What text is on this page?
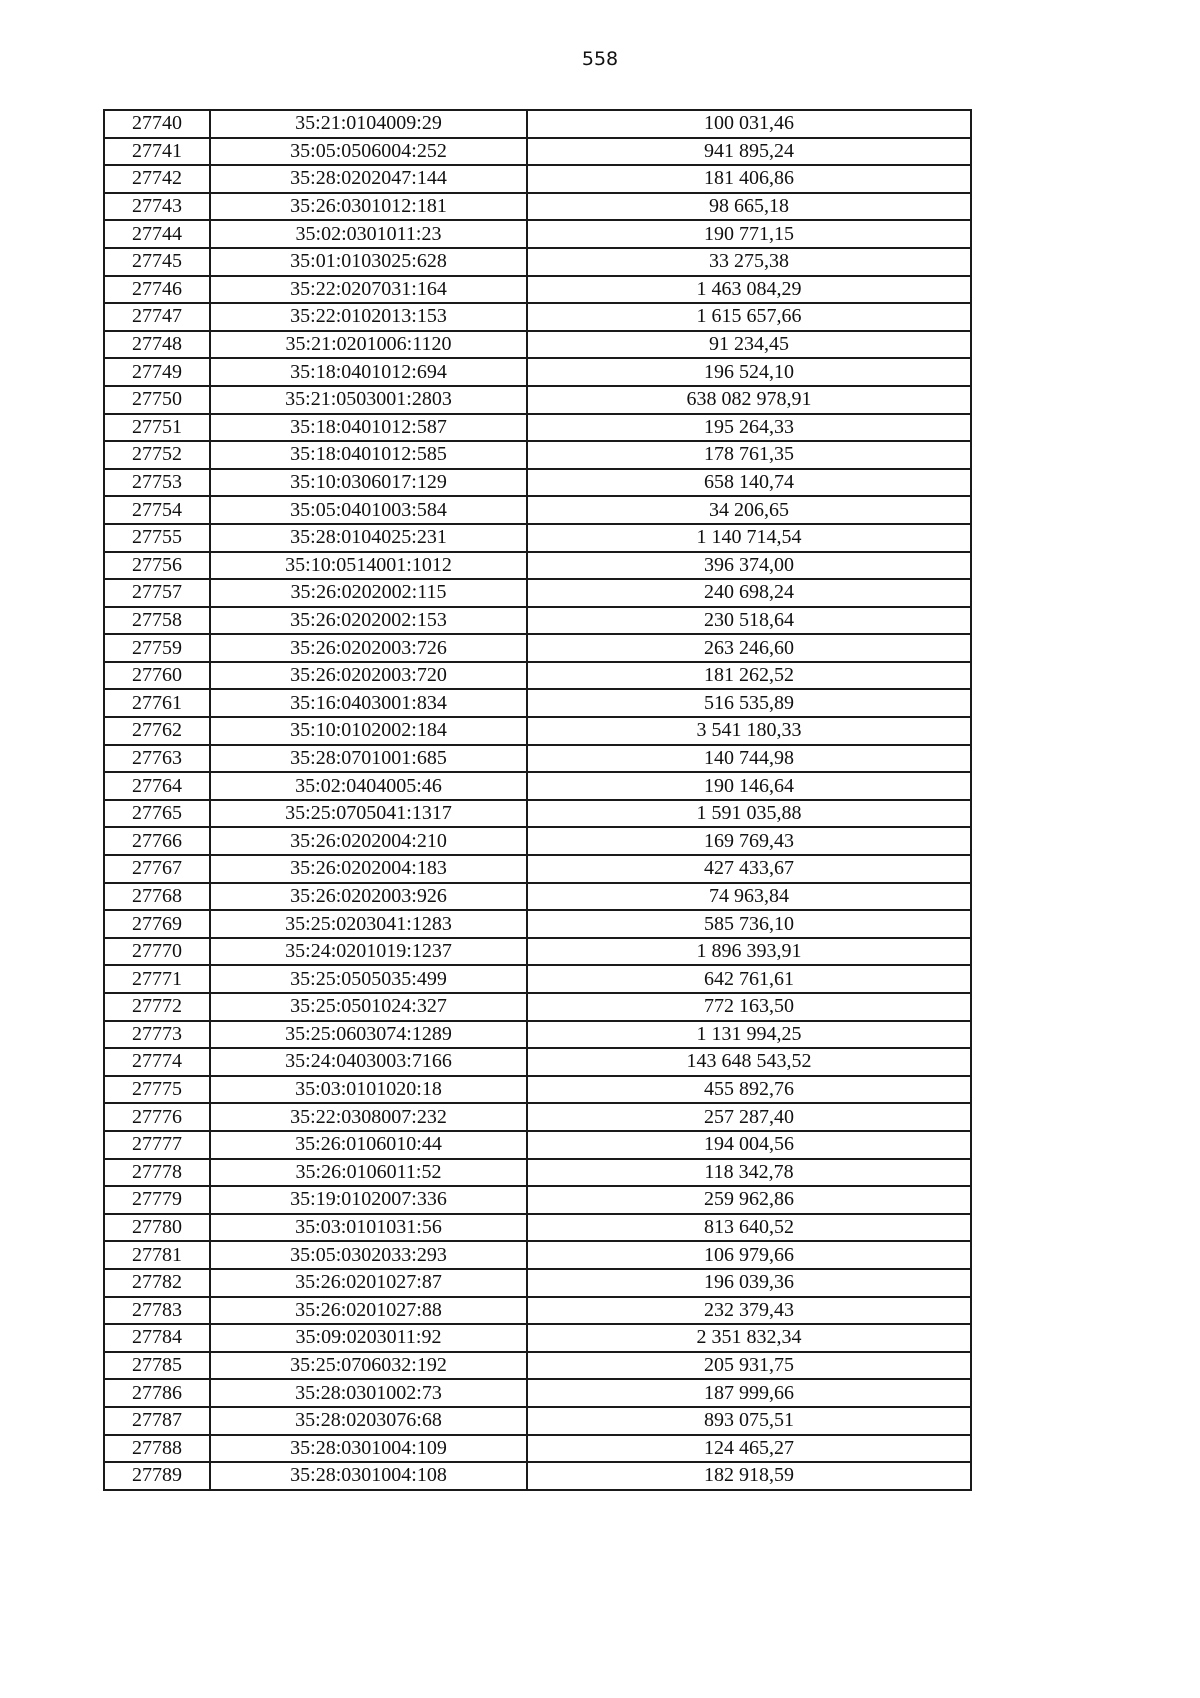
558
27740	35:21:0104009:29	100 031,46
27741	35:05:0506004:252	941 895,24
27742	35:28:0202047:144	181 406,86
27743	35:26:0301012:181	98 665,18
27744	35:02:0301011:23	190 771,15
27745	35:01:0103025:628	33 275,38
27746	35:22:0207031:164	1 463 084,29
27747	35:22:0102013:153	1 615 657,66
27748	35:21:0201006:1120	91 234,45
27749	35:18:0401012:694	196 524,10
27750	35:21:0503001:2803	638 082 978,91
27751	35:18:0401012:587	195 264,33
27752	35:18:0401012:585	178 761,35
27753	35:10:0306017:129	658 140,74
27754	35:05:0401003:584	34 206,65
27755	35:28:0104025:231	1 140 714,54
27756	35:10:0514001:1012	396 374,00
27757	35:26:0202002:115	240 698,24
27758	35:26:0202002:153	230 518,64
27759	35:26:0202003:726	263 246,60
27760	35:26:0202003:720	181 262,52
27761	35:16:0403001:834	516 535,89
27762	35:10:0102002:184	3 541 180,33
27763	35:28:0701001:685	140 744,98
27764	35:02:0404005:46	190 146,64
27765	35:25:0705041:1317	1 591 035,88
27766	35:26:0202004:210	169 769,43
27767	35:26:0202004:183	427 433,67
27768	35:26:0202003:926	74 963,84
27769	35:25:0203041:1283	585 736,10
27770	35:24:0201019:1237	1 896 393,91
27771	35:25:0505035:499	642 761,61
27772	35:25:0501024:327	772 163,50
27773	35:25:0603074:1289	1 131 994,25
27774	35:24:0403003:7166	143 648 543,52
27775	35:03:0101020:18	455 892,76
27776	35:22:0308007:232	257 287,40
27777	35:26:0106010:44	194 004,56
27778	35:26:0106011:52	118 342,78
27779	35:19:0102007:336	259 962,86
27780	35:03:0101031:56	813 640,52
27781	35:05:0302033:293	106 979,66
27782	35:26:0201027:87	196 039,36
27783	35:26:0201027:88	232 379,43
27784	35:09:0203011:92	2 351 832,34
27785	35:25:0706032:192	205 931,75
27786	35:28:0301002:73	187 999,66
27787	35:28:0203076:68	893 075,51
27788	35:28:0301004:109	124 465,27
27789	35:28:0301004:108	182 918,59
